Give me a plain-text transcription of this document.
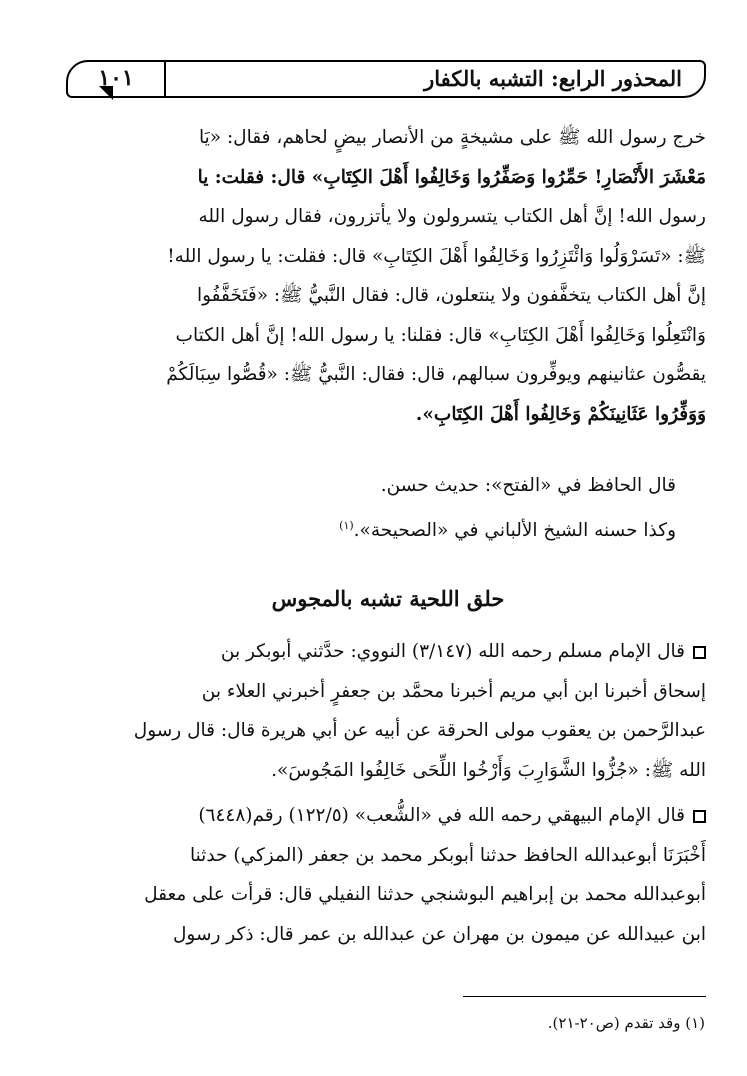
١٠١	المحذور الرابع: التشبه بالكفار
خرج رسول الله ﷺ على مشيخةٍ من الأنصار بيضٍ لحاهم، فقال: «يَا
مَعْشَرَ الأَنْصَارِ! حَمِّرُوا وَصَفِّرُوا وَخَالِفُوا أَهْلَ الكِتَابِ» قال: فقلت: يا
رسول الله! إنَّ أهل الكتاب يتسرولون ولا يأتزرون، فقال رسول الله
ﷺ: «تَسَرْوَلُوا وَائْتَزِرُوا وَخَالِفُوا أَهْلَ الكِتَابِ» قال: فقلت: يا رسول الله!
إنَّ أهل الكتاب يتخفَّفون ولا ينتعلون، قال: فقال النَّبيُّ ﷺ: «فَتَخَفَّفُوا
وَانْتَعِلُوا وَخَالِفُوا أَهْلَ الكِتَابِ» قال: فقلنا: يا رسول الله! إنَّ أهل الكتاب
يقصُّون عثانينهم ويوفِّرون سبالهم، قال: فقال: النَّبيُّ ﷺ: «قُصُّوا سِبَالَكُمْ
وَوَفِّرُوا عَثَانِينَكُمْ وَخَالِفُوا أَهْلَ الكِتَابِ».
قال الحافظ في «الفتح»: حديث حسن.
وكذا حسنه الشيخ الألباني في «الصحيحة».$^{(١)}$
حلق اللحية تشبه بالمجوس
قال الإمام مسلم رحمه الله (٣/١٤٧) النووي: حدَّثني أبوبكر بن
إسحاق أخبرنا ابن أبي مريم أخبرنا محمَّد بن جعفرٍ أخبرني العلاء بن
عبدالرَّحمن بن يعقوب مولى الحرقة عن أبيه عن أبي هريرة قال: قال رسول
الله ﷺ: «جُزُّوا الشَّوَارِبَ وَأَرْخُوا اللِّحَى خَالِفُوا المَجُوسَ».
قال الإمام البيهقي رحمه الله في «الشُّعب» (١٢٢/٥) رقم(٦٤٤٨)
أَخْبَرَنَا أبوعبدالله الحافظ حدثنا أبوبكر محمد بن جعفر (المزكي) حدثنا
أبوعبدالله محمد بن إبراهيم البوشنجي حدثنا النفيلي قال: قرأت على معقل
ابن عبيدالله عن ميمون بن مهران عن عبدالله بن عمر قال: ذكر رسول
(١) وقد تقدم (ص٢٠-٢١).
